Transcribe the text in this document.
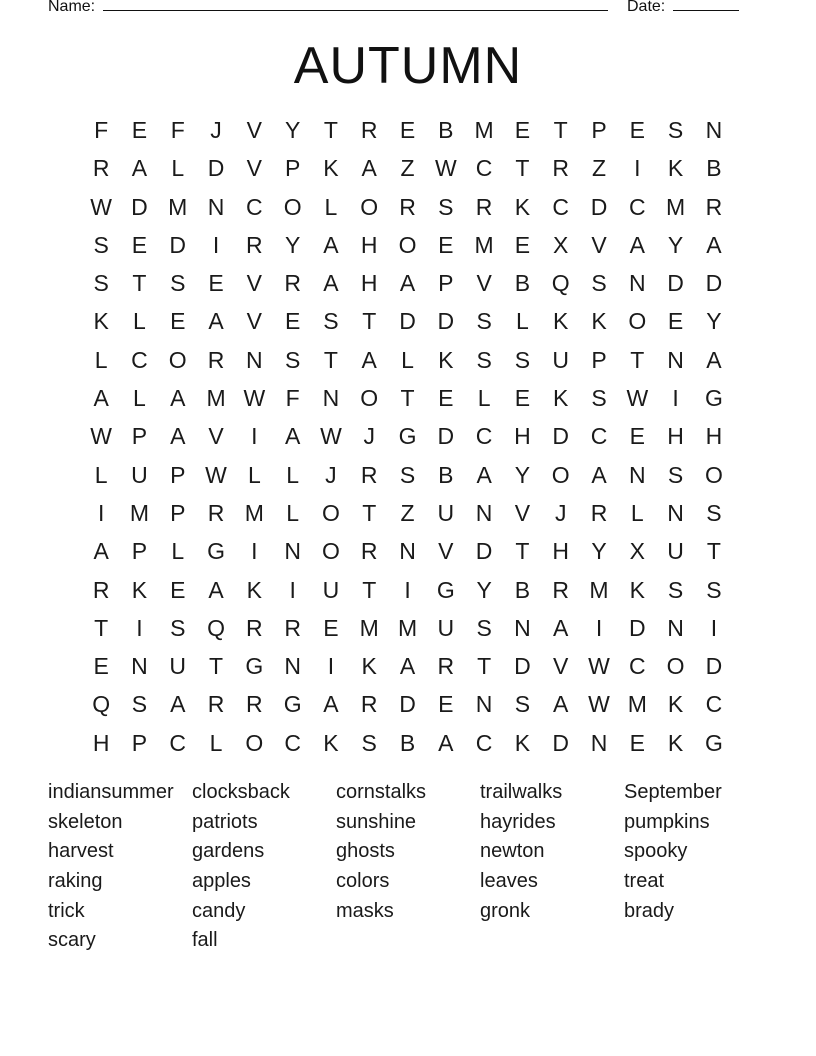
Name:	Date:
AUTUMN
F	E	F	J	V Y	T R E B M E	T	P E S N
R A	L	D V P K A	Z W C T R Z	I	K B
W D M N C O L O R S R K C D C M R
S E D	I	R Y A H O E M E X V A Y A
S	T	S E V R A H A P V B Q S N D D
K	L	E A V E S	T D D S	L	K K O E Y
L	C O R N S	T	A	L	K S S U P	T N A
A	L	A M W F N O T	E	L	E K S W	I	G
W P A V	I	A W J	G D C H D C E H H
L	U P W L	L	J	R S B A Y O A N S O
I	M P R M L O T	Z U N V	J	R	L	N S
A P	L G	I	N O R N V D T H Y X U T
R K E A K	I	U T	I	G Y B R M K S S
T	I	S Q R R E M M U S N A	I	D N	I
E N U T G N	I	K A R T D V W C O D
Q S A R R G A R D E N S A W M K C
H P C	L O C K S B A C K D N E K G
indiansummer clocksback	cornstalks	trailwalks	September
skeleton	patriots	sunshine	hayrides	pumpkins
harvest	gardens	ghosts	newton	spooky
raking	apples	colors	leaves	treat
trick	candy	masks	gronk	brady
scary	fall
